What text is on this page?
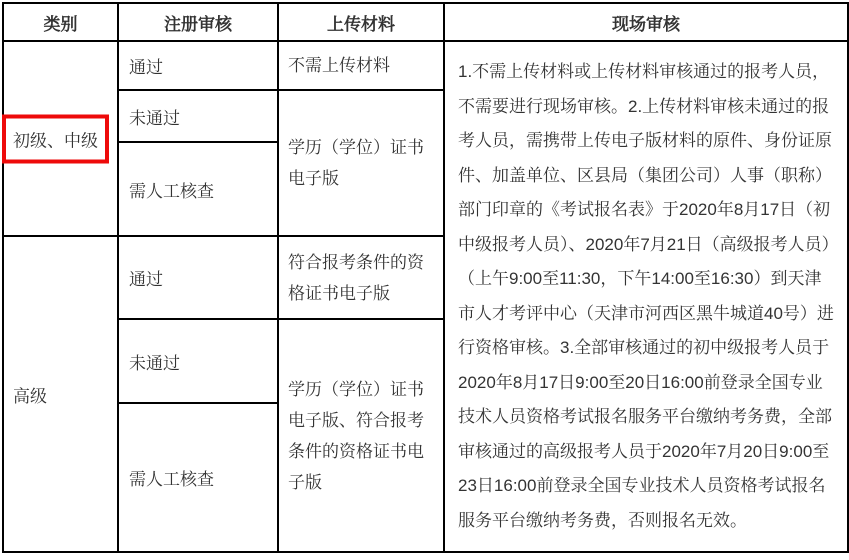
类别	注册审核	上传材料	现场审核

初级、中级	通过	不需上传材料	1.不需上传材料或上传材料审核通过的报考人员，不需要进行现场审核。2.上传材料审核未通过的报考人员，需携带上传电子版材料的原件、身份证原件、加盖单位、区县局（集团公司）人事（职称）部门印章的《考试报名表》于2020年8月17日（初中级报考人员）、2020年7月21日（高级报考人员）（上午9:00至11:30，下午14:00至16:30）到天津市人才考评中心（天津市河西区黑牛城道40号）进行资格审核。3.全部审核通过的初中级报考人员于2020年8月17日9:00至20日16:00前登录全国专业技术人员资格考试报名服务平台缴纳考务费，全部审核通过的高级报考人员于2020年7月20日9:00至23日16:00前登录全国专业技术人员资格考试报名服务平台缴纳考务费，否则报名无效。
	未通过	学历（学位）证书电子版	
	需人工核查		
高级	通过	符合报考条件的资格证书电子版	
	未通过	学历（学位）证书电子版、符合报考条件的资格证书电子版	
	需人工核查		
